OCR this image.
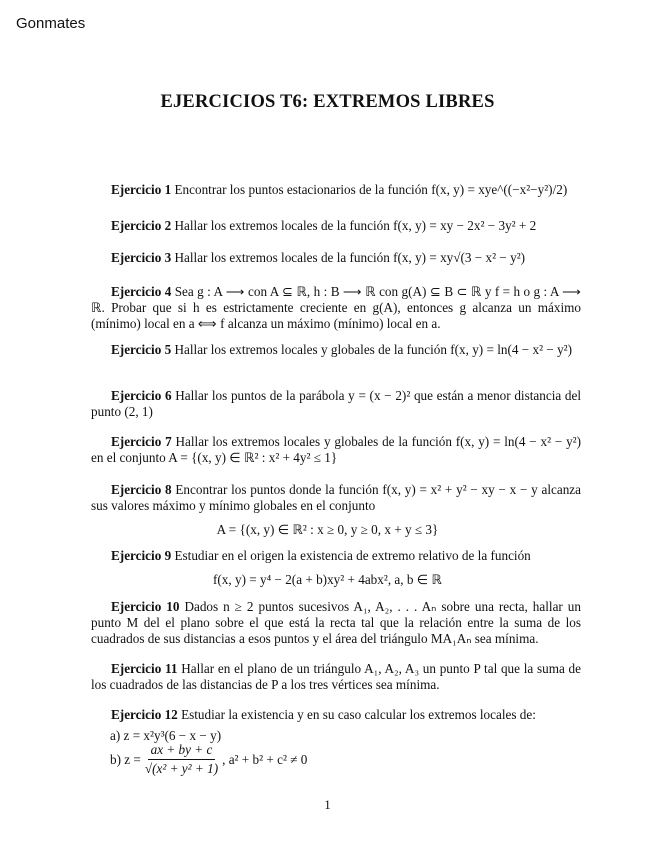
Gonmates
EJERCICIOS T6: EXTREMOS LIBRES

Ejercicio 1 Encontrar los puntos estacionarios de la función f(x, y) = xye^((−x²−y²)/2)

Ejercicio 2 Hallar los extremos locales de la función f(x, y) = xy − 2x² − 3y² + 2

Ejercicio 3 Hallar los extremos locales de la función f(x, y) = xy√(3 − x² − y²)

Ejercicio 4 Sea g : A ⟶ con A ⊆ ℝ, h : B ⟶ ℝ con g(A) ⊆ B ⊂ ℝ y f = h o g : A ⟶ ℝ. Probar que si h es estrictamente creciente en g(A), entonces g alcanza un máximo (mínimo) local en a ⟺ f alcanza un máximo (mínimo) local en a.

Ejercicio 5 Hallar los extremos locales y globales de la función f(x, y) = ln(4 − x² − y²)

Ejercicio 6 Hallar los puntos de la parábola y = (x − 2)² que están a menor distancia del punto (2, 1)

Ejercicio 7 Hallar los extremos locales y globales de la función f(x, y) = ln(4 − x² − y²) en el conjunto A = {(x, y) ∈ ℝ² : x² + 4y² ≤ 1}

Ejercicio 8 Encontrar los puntos donde la función f(x, y) = x² + y² − xy − x − y alcanza sus valores máximo y mínimo globales en el conjunto

A = {(x, y) ∈ ℝ² : x ≥ 0, y ≥ 0, x + y ≤ 3}

Ejercicio 9 Estudiar en el origen la existencia de extremo relativo de la función

f(x, y) = y⁴ − 2(a + b)xy² + 4abx², a, b ∈ ℝ

Ejercicio 10 Dados n ≥ 2 puntos sucesivos A₁, A₂, . . . Aₙ sobre una recta, hallar un punto M del el plano sobre el que está la recta tal que la relación entre la suma de los cuadrados de sus distancias a esos puntos y el área del triángulo MA₁Aₙ sea mínima.

Ejercicio 11 Hallar en el plano de un triángulo A₁, A₂, A₃ un punto P tal que la suma de los cuadrados de las distancias de P a los tres vértices sea mínima.

Ejercicio 12 Estudiar la existencia y en su caso calcular los extremos locales de:

a) z = x²y³(6 − x − y)
b) $z = \frac{ax + by + c}{\text{√(x² + y² + 1)}}$ , a² + b² + c² ≠ 0
1
